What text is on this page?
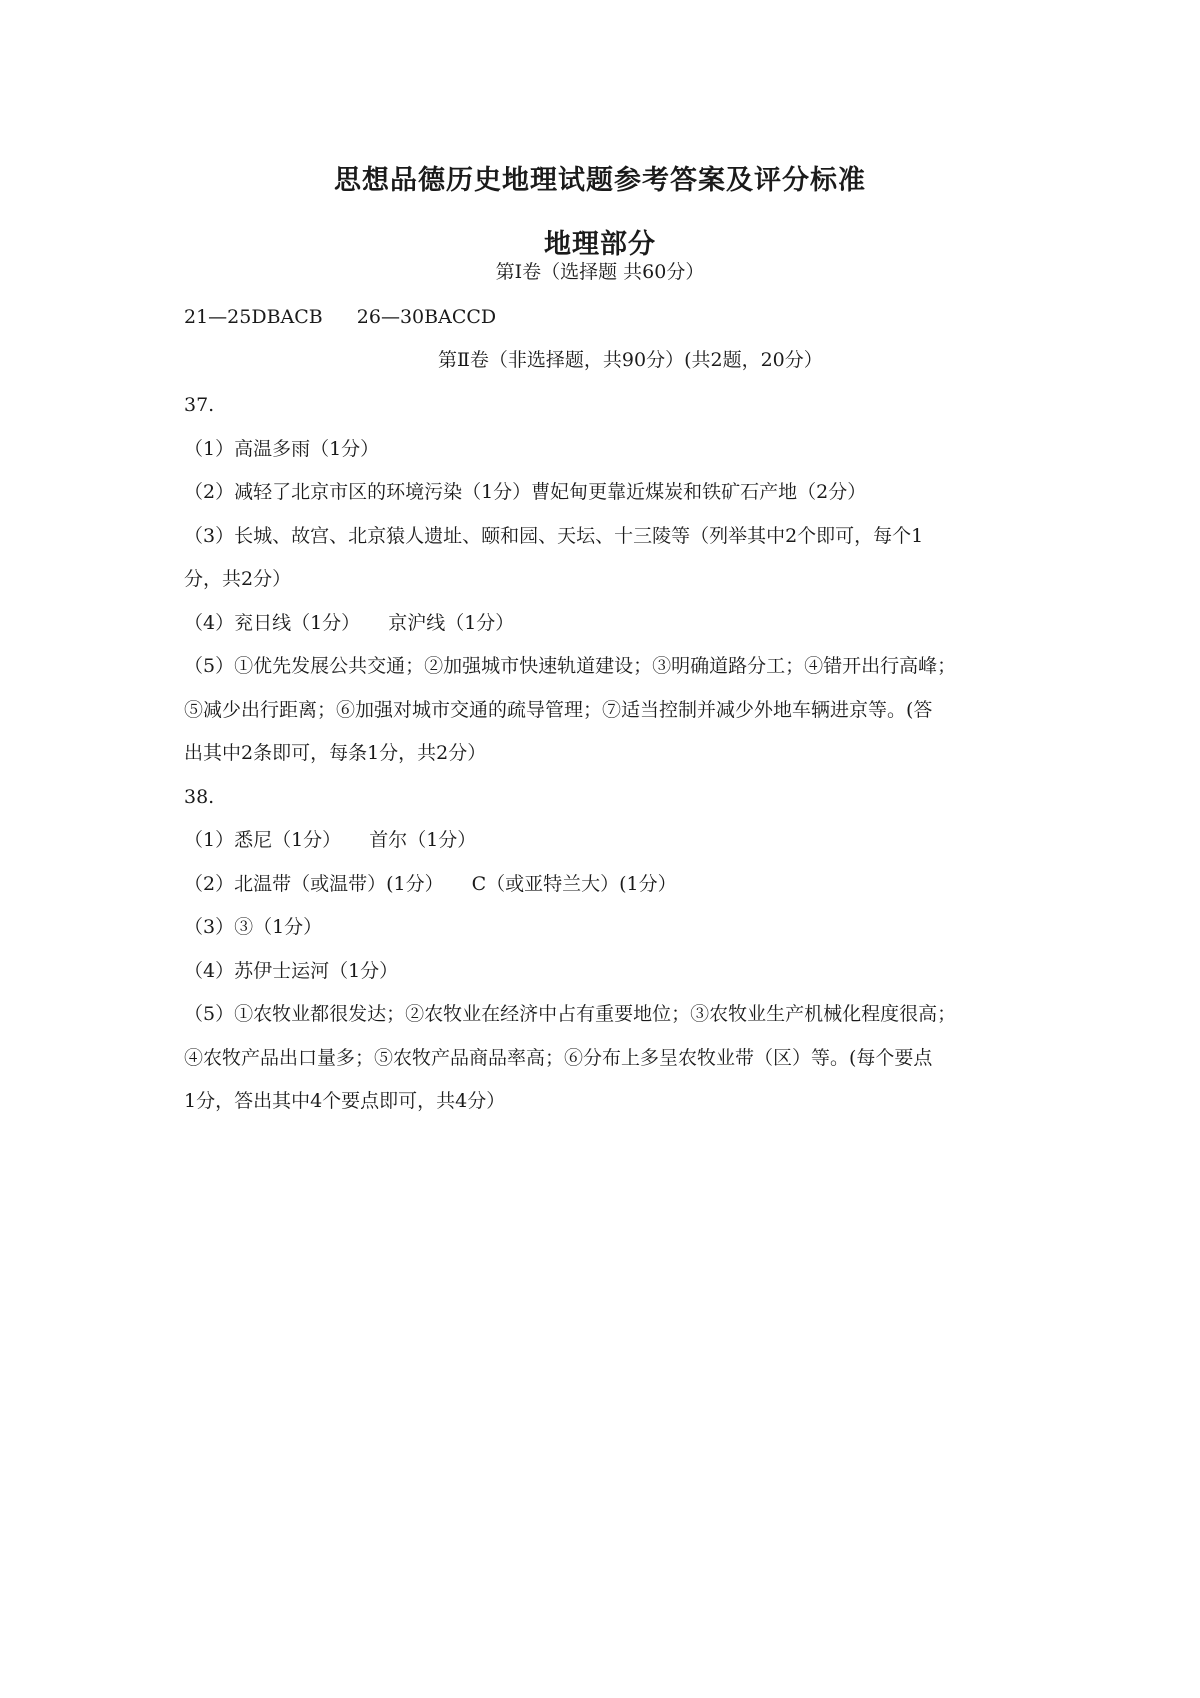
思想品德历史地理试题参考答案及评分标准
地理部分
第Ⅰ卷（选择题 共60分）
21—25DBACB 26—30BACCD
第Ⅱ卷（非选择题，共90分）(共2题，20分）
37.
（1）高温多雨（1分）
（2）减轻了北京市区的环境污染（1分）曹妃甸更靠近煤炭和铁矿石产地（2分）
（3）长城、故宫、北京猿人遗址、颐和园、天坛、十三陵等（列举其中2个即可，每个1
分，共2分）
（4）兖日线（1分） 京沪线（1分）
（5）①优先发展公共交通；②加强城市快速轨道建设；③明确道路分工；④错开出行高峰；
⑤减少出行距离；⑥加强对城市交通的疏导管理；⑦适当控制并减少外地车辆进京等。(答
出其中2条即可，每条1分，共2分）
38.
（1）悉尼（1分） 首尔（1分）
（2）北温带（或温带）(1分） C（或亚特兰大）(1分）
（3）③（1分）
（4）苏伊士运河（1分）
（5）①农牧业都很发达；②农牧业在经济中占有重要地位；③农牧业生产机械化程度很高；
④农牧产品出口量多；⑤农牧产品商品率高；⑥分布上多呈农牧业带（区）等。(每个要点
1分，答出其中4个要点即可，共4分）
